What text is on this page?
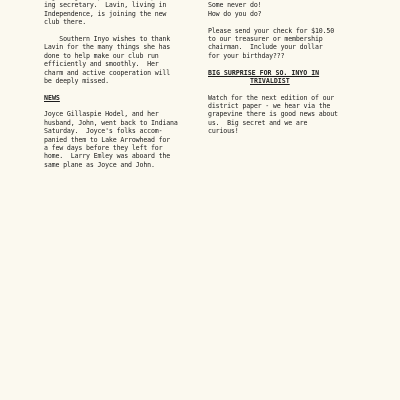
ing secretary.  Lavin, living in
Independence, is joining the new
club there.
Southern Inyo wishes to thank
Lavin for the many things she has
done to help make our club run
efficiently and smoothly.  Her
charm and active cooperation will
be deeply missed.
NEWS
Joyce Gillaspie Hodel, and her
husband, John, went back to Indiana
Saturday.  Joyce's folks accom-
panied them to Lake Arrowhead for
a few days before they left for
home.  Larry Emley was aboard the
same plane as Joyce and John.
Some never do!
How do you do?
Please send your check for $10.50
to our treasurer or membership
chairman.  Include your dollar
for your birthday???
BIG SURPRISE FOR SO. INYO IN
TRIVALDIST
Watch for the next edition of our
district paper - we hear via the
grapevine there is good news about
us.  Big secret and we are
curious!
